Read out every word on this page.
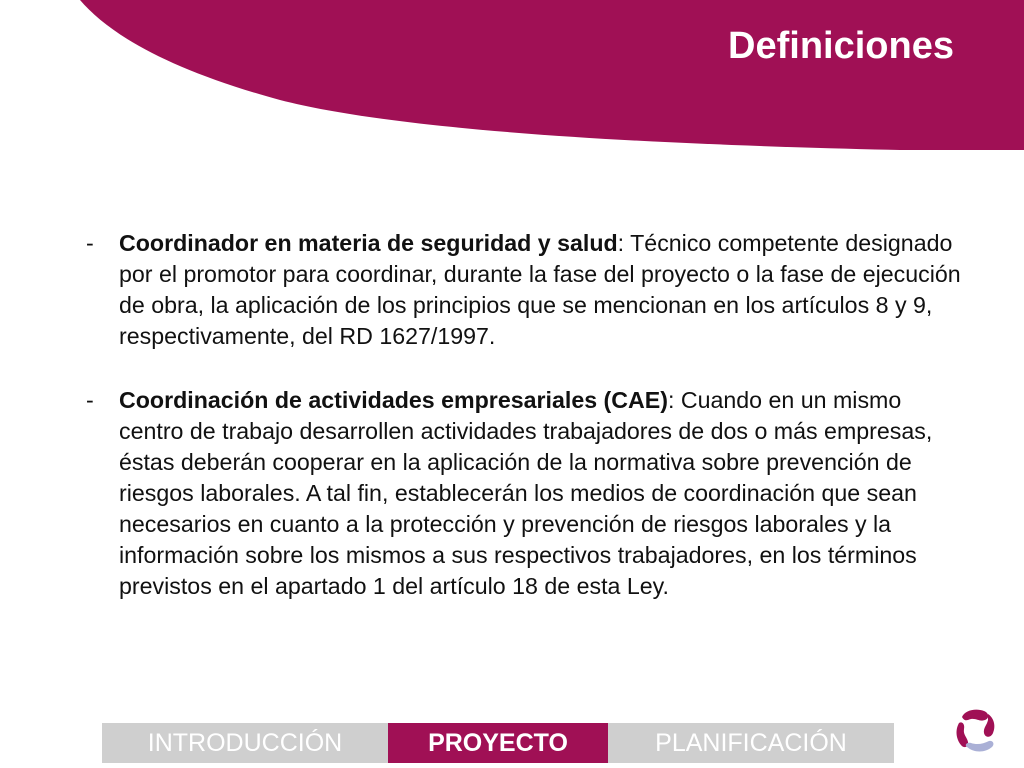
Definiciones
-	Coordinador en materia de seguridad y salud: Técnico competente designado por el promotor para coordinar, durante la fase del proyecto o la fase de ejecución de obra, la aplicación de los principios que se mencionan en los artículos 8 y 9, respectivamente, del RD 1627/1997.
-	Coordinación de actividades empresariales (CAE): Cuando en un mismo centro de trabajo desarrollen actividades trabajadores de dos o más empresas, éstas deberán cooperar en la aplicación de la normativa sobre prevención de riesgos laborales. A tal fin, establecerán los medios de coordinación que sean necesarios en cuanto a la protección y prevención de riesgos laborales y la información sobre los mismos a sus respectivos trabajadores, en los términos previstos en el apartado 1 del artículo 18 de esta Ley.
INTRODUCCIÓN	PROYECTO	PLANIFICACIÓN
